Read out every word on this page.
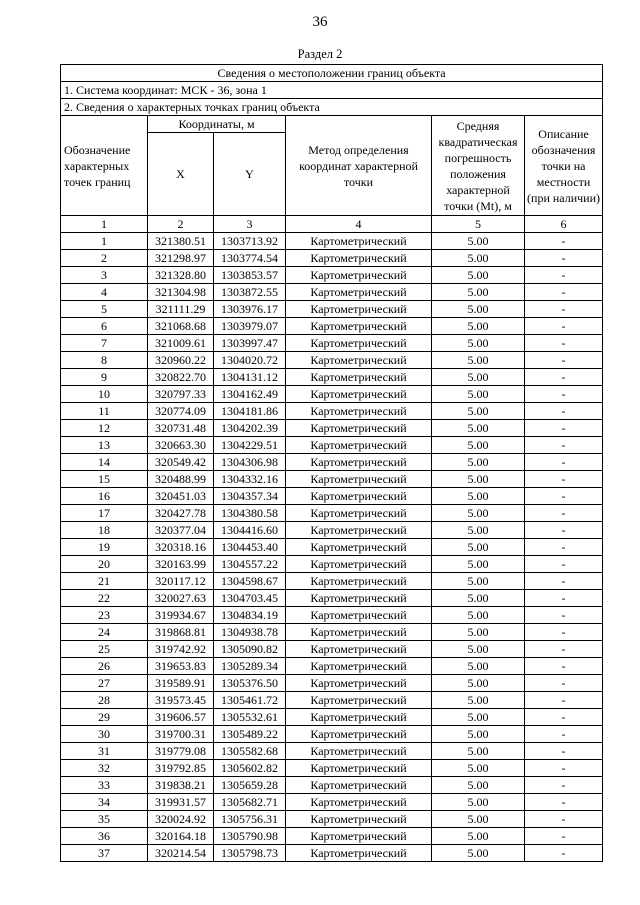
36
Раздел 2
Сведения о местоположении границ объекта					
1. Система координат: МСК - 36, зона 1					
2. Сведения о характерных точках границ объекта					
Обозначение характерных точек границ	Координаты, м		Метод определения координат характерной точки	Средняя квадратическая погрешность положения характерной точки (Mt), м	Описание обозначения точки на местности (при наличии)
	X	Y			
1	2	3	4	5	6
1	321380.51	1303713.92	Картометрический	5.00	-
2	321298.97	1303774.54	Картометрический	5.00	-
3	321328.80	1303853.57	Картометрический	5.00	-
4	321304.98	1303872.55	Картометрический	5.00	-
5	321111.29	1303976.17	Картометрический	5.00	-
6	321068.68	1303979.07	Картометрический	5.00	-
7	321009.61	1303997.47	Картометрический	5.00	-
8	320960.22	1304020.72	Картометрический	5.00	-
9	320822.70	1304131.12	Картометрический	5.00	-
10	320797.33	1304162.49	Картометрический	5.00	-
11	320774.09	1304181.86	Картометрический	5.00	-
12	320731.48	1304202.39	Картометрический	5.00	-
13	320663.30	1304229.51	Картометрический	5.00	-
14	320549.42	1304306.98	Картометрический	5.00	-
15	320488.99	1304332.16	Картометрический	5.00	-
16	320451.03	1304357.34	Картометрический	5.00	-
17	320427.78	1304380.58	Картометрический	5.00	-
18	320377.04	1304416.60	Картометрический	5.00	-
19	320318.16	1304453.40	Картометрический	5.00	-
20	320163.99	1304557.22	Картометрический	5.00	-
21	320117.12	1304598.67	Картометрический	5.00	-
22	320027.63	1304703.45	Картометрический	5.00	-
23	319934.67	1304834.19	Картометрический	5.00	-
24	319868.81	1304938.78	Картометрический	5.00	-
25	319742.92	1305090.82	Картометрический	5.00	-
26	319653.83	1305289.34	Картометрический	5.00	-
27	319589.91	1305376.50	Картометрический	5.00	-
28	319573.45	1305461.72	Картометрический	5.00	-
29	319606.57	1305532.61	Картометрический	5.00	-
30	319700.31	1305489.22	Картометрический	5.00	-
31	319779.08	1305582.68	Картометрический	5.00	-
32	319792.85	1305602.82	Картометрический	5.00	-
33	319838.21	1305659.28	Картометрический	5.00	-
34	319931.57	1305682.71	Картометрический	5.00	-
35	320024.92	1305756.31	Картометрический	5.00	-
36	320164.18	1305790.98	Картометрический	5.00	-
37	320214.54	1305798.73	Картометрический	5.00	-
